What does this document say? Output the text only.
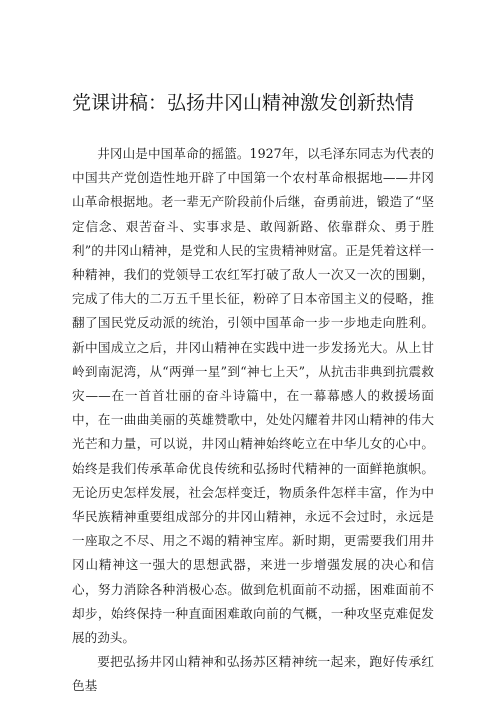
党课讲稿：弘扬井冈山精神激发创新热情

井冈山是中国革命的摇篮。1927年，以毛泽东同志为代表的中国共产党创造性地开辟了中国第一个农村革命根据地——井冈山革命根据地。老一辈无产阶段前仆后继，奋勇前进，锻造了“坚定信念、艰苦奋斗、实事求是、敢闯新路、依靠群众、勇于胜利”的井冈山精神，是党和人民的宝贵精神财富。正是凭着这样一种精神，我们的党领导工农红军打破了敌人一次又一次的围剿，完成了伟大的二万五千里长征，粉碎了日本帝国主义的侵略，推翻了国民党反动派的统治，引领中国革命一步一步地走向胜利。新中国成立之后，井冈山精神在实践中进一步发扬光大。从上甘岭到南泥湾，从“两弹一星”到“神七上天”，从抗击非典到抗震救灾——在一首首壮丽的奋斗诗篇中，在一幕幕感人的救援场面中，在一曲曲美丽的英雄赞歌中，处处闪耀着井冈山精神的伟大光芒和力量，可以说，井冈山精神始终屹立在中华儿女的心中。始终是我们传承革命优良传统和弘扬时代精神的一面鲜艳旗帜。无论历史怎样发展，社会怎样变迁，物质条件怎样丰富，作为中华民族精神重要组成部分的井冈山精神，永远不会过时，永远是一座取之不尽、用之不竭的精神宝库。新时期，更需要我们用井冈山精神这一强大的思想武器，来进一步增强发展的决心和信心，努力消除各种消极心态。做到危机面前不动摇，困难面前不却步，始终保持一种直面困难敢向前的气概，一种攻坚克难促发展的劲头。

要把弘扬井冈山精神和弘扬苏区精神统一起来，跑好传承红色基
